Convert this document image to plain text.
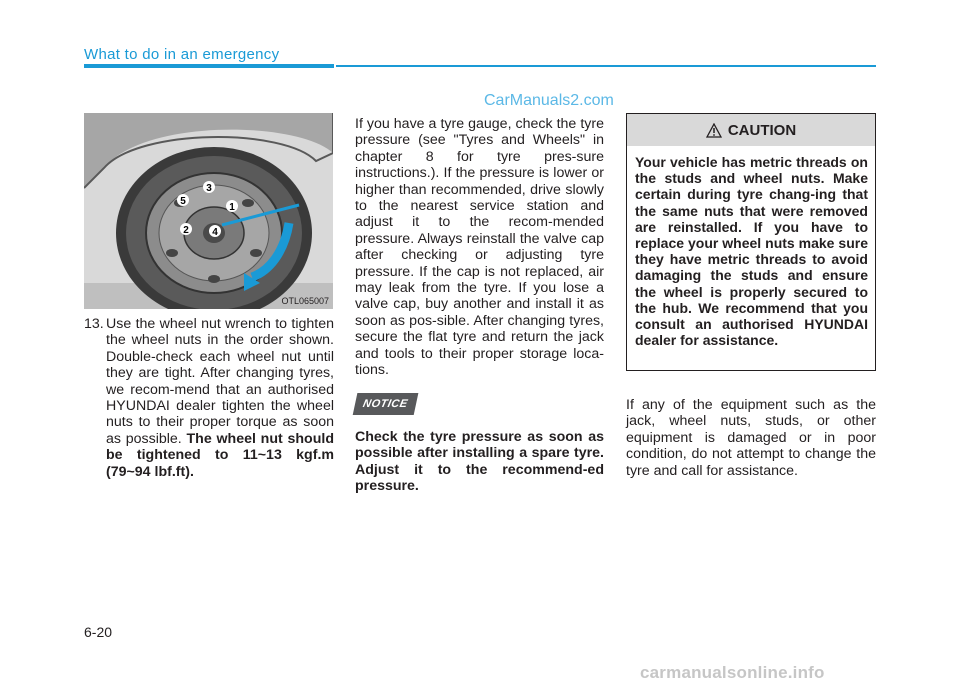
What to do in an emergency
CarManuals2.com
1
2
3
4
5
OTL065007
13. Use the wheel nut wrench to tighten the wheel nuts in the order shown. Double-check each wheel nut until they are tight. After changing tyres, we recom-mend that an authorised HYUNDAI dealer tighten the wheel nuts to their proper torque as soon as possible. The wheel nut should be tightened to 11~13 kgf.m (79~94 lbf.ft).
If you have a tyre gauge, check the tyre pressure (see "Tyres and Wheels" in chapter 8 for tyre pres-sure instructions.). If the pressure is lower or higher than recommended, drive slowly to the nearest service station and adjust it to the recom-mended pressure. Always reinstall the valve cap after checking or adjusting tyre pressure. If the cap is not replaced, air may leak from the tyre. If you lose a valve cap, buy another and install it as soon as pos-sible. After changing tyres, secure the flat tyre and return the jack and tools to their proper storage loca-tions.
NOTICE
Check the tyre pressure as soon as possible after installing a spare tyre. Adjust it to the recommend-ed pressure.
CAUTION
Your vehicle has metric threads on the studs and wheel nuts. Make certain during tyre chang-ing that the same nuts that were removed are reinstalled. If you have to replace your wheel nuts make sure they have metric threads to avoid damaging the studs and ensure the wheel is properly secured to the hub. We recommend that you consult an authorised HYUNDAI dealer for assistance.
If any of the equipment such as the jack, wheel nuts, studs, or other equipment is damaged or in poor condition, do not attempt to change the tyre and call for assistance.
6-20
carmanualsonline.info
